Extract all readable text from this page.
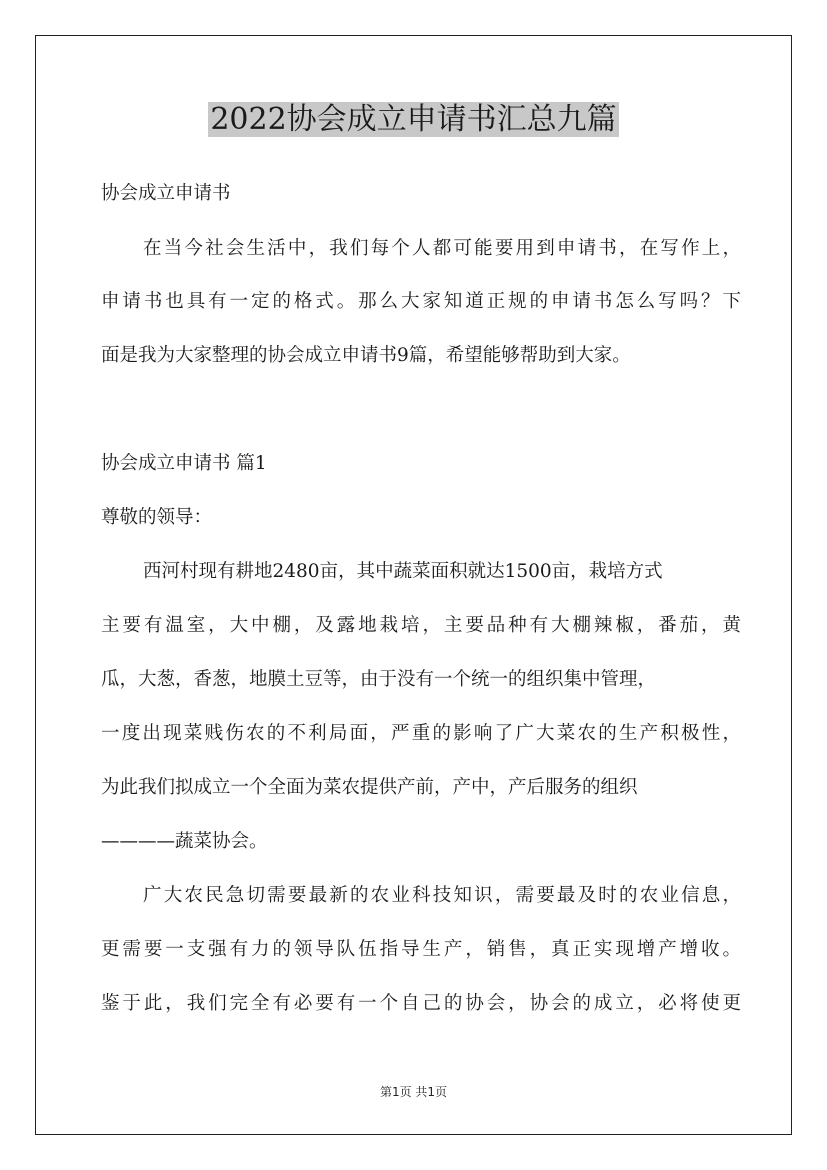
2022协会成立申请书汇总九篇

协会成立申请书

在当今社会生活中，我们每个人都可能要用到申请书，在写作上，

申请书也具有一定的格式。那么大家知道正规的申请书怎么写吗？下

面是我为大家整理的协会成立申请书9篇，希望能够帮助到大家。

协会成立申请书 篇1

尊敬的领导：

西河村现有耕地2480亩，其中蔬菜面积就达1500亩，栽培方式

主要有温室，大中棚，及露地栽培，主要品种有大棚辣椒，番茄，黄

瓜，大葱，香葱，地膜土豆等，由于没有一个统一的组织集中管理，

一度出现菜贱伤农的不利局面，严重的影响了广大菜农的生产积极性，

为此我们拟成立一个全面为菜农提供产前，产中，产后服务的组织

————蔬菜协会。

广大农民急切需要最新的农业科技知识，需要最及时的农业信息，

更需要一支强有力的领导队伍指导生产，销售，真正实现增产增收。

鉴于此，我们完全有必要有一个自己的协会，协会的成立，必将使更

第1页 共1页
